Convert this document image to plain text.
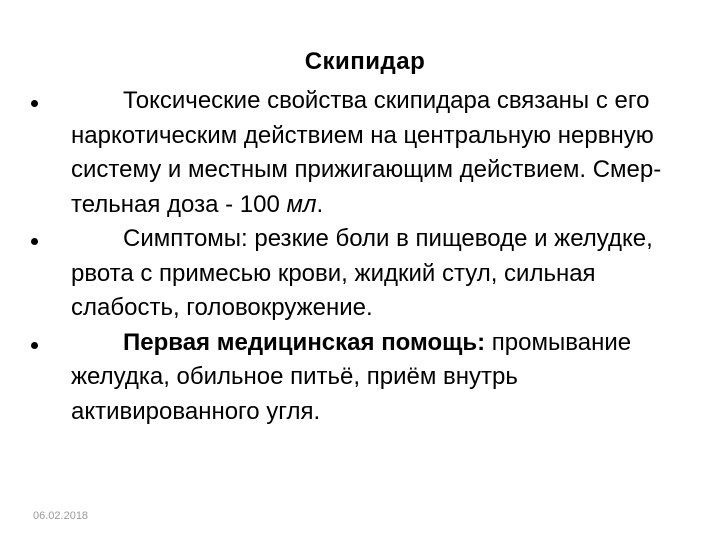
Скипидар
Токсические свойства скипидара связаны с его наркотическим действием на центральную нервную систему и местным прижигающим действием. Смер-тельная доза - 100 мл.
Симптомы: резкие боли в пищеводе и желудке, рвота с примесью крови, жидкий стул, сильная слабость, головокружение.
Первая медицинская помощь: промывание желудка, обильное питьё, приём внутрь активированного угля.
06.02.2018
